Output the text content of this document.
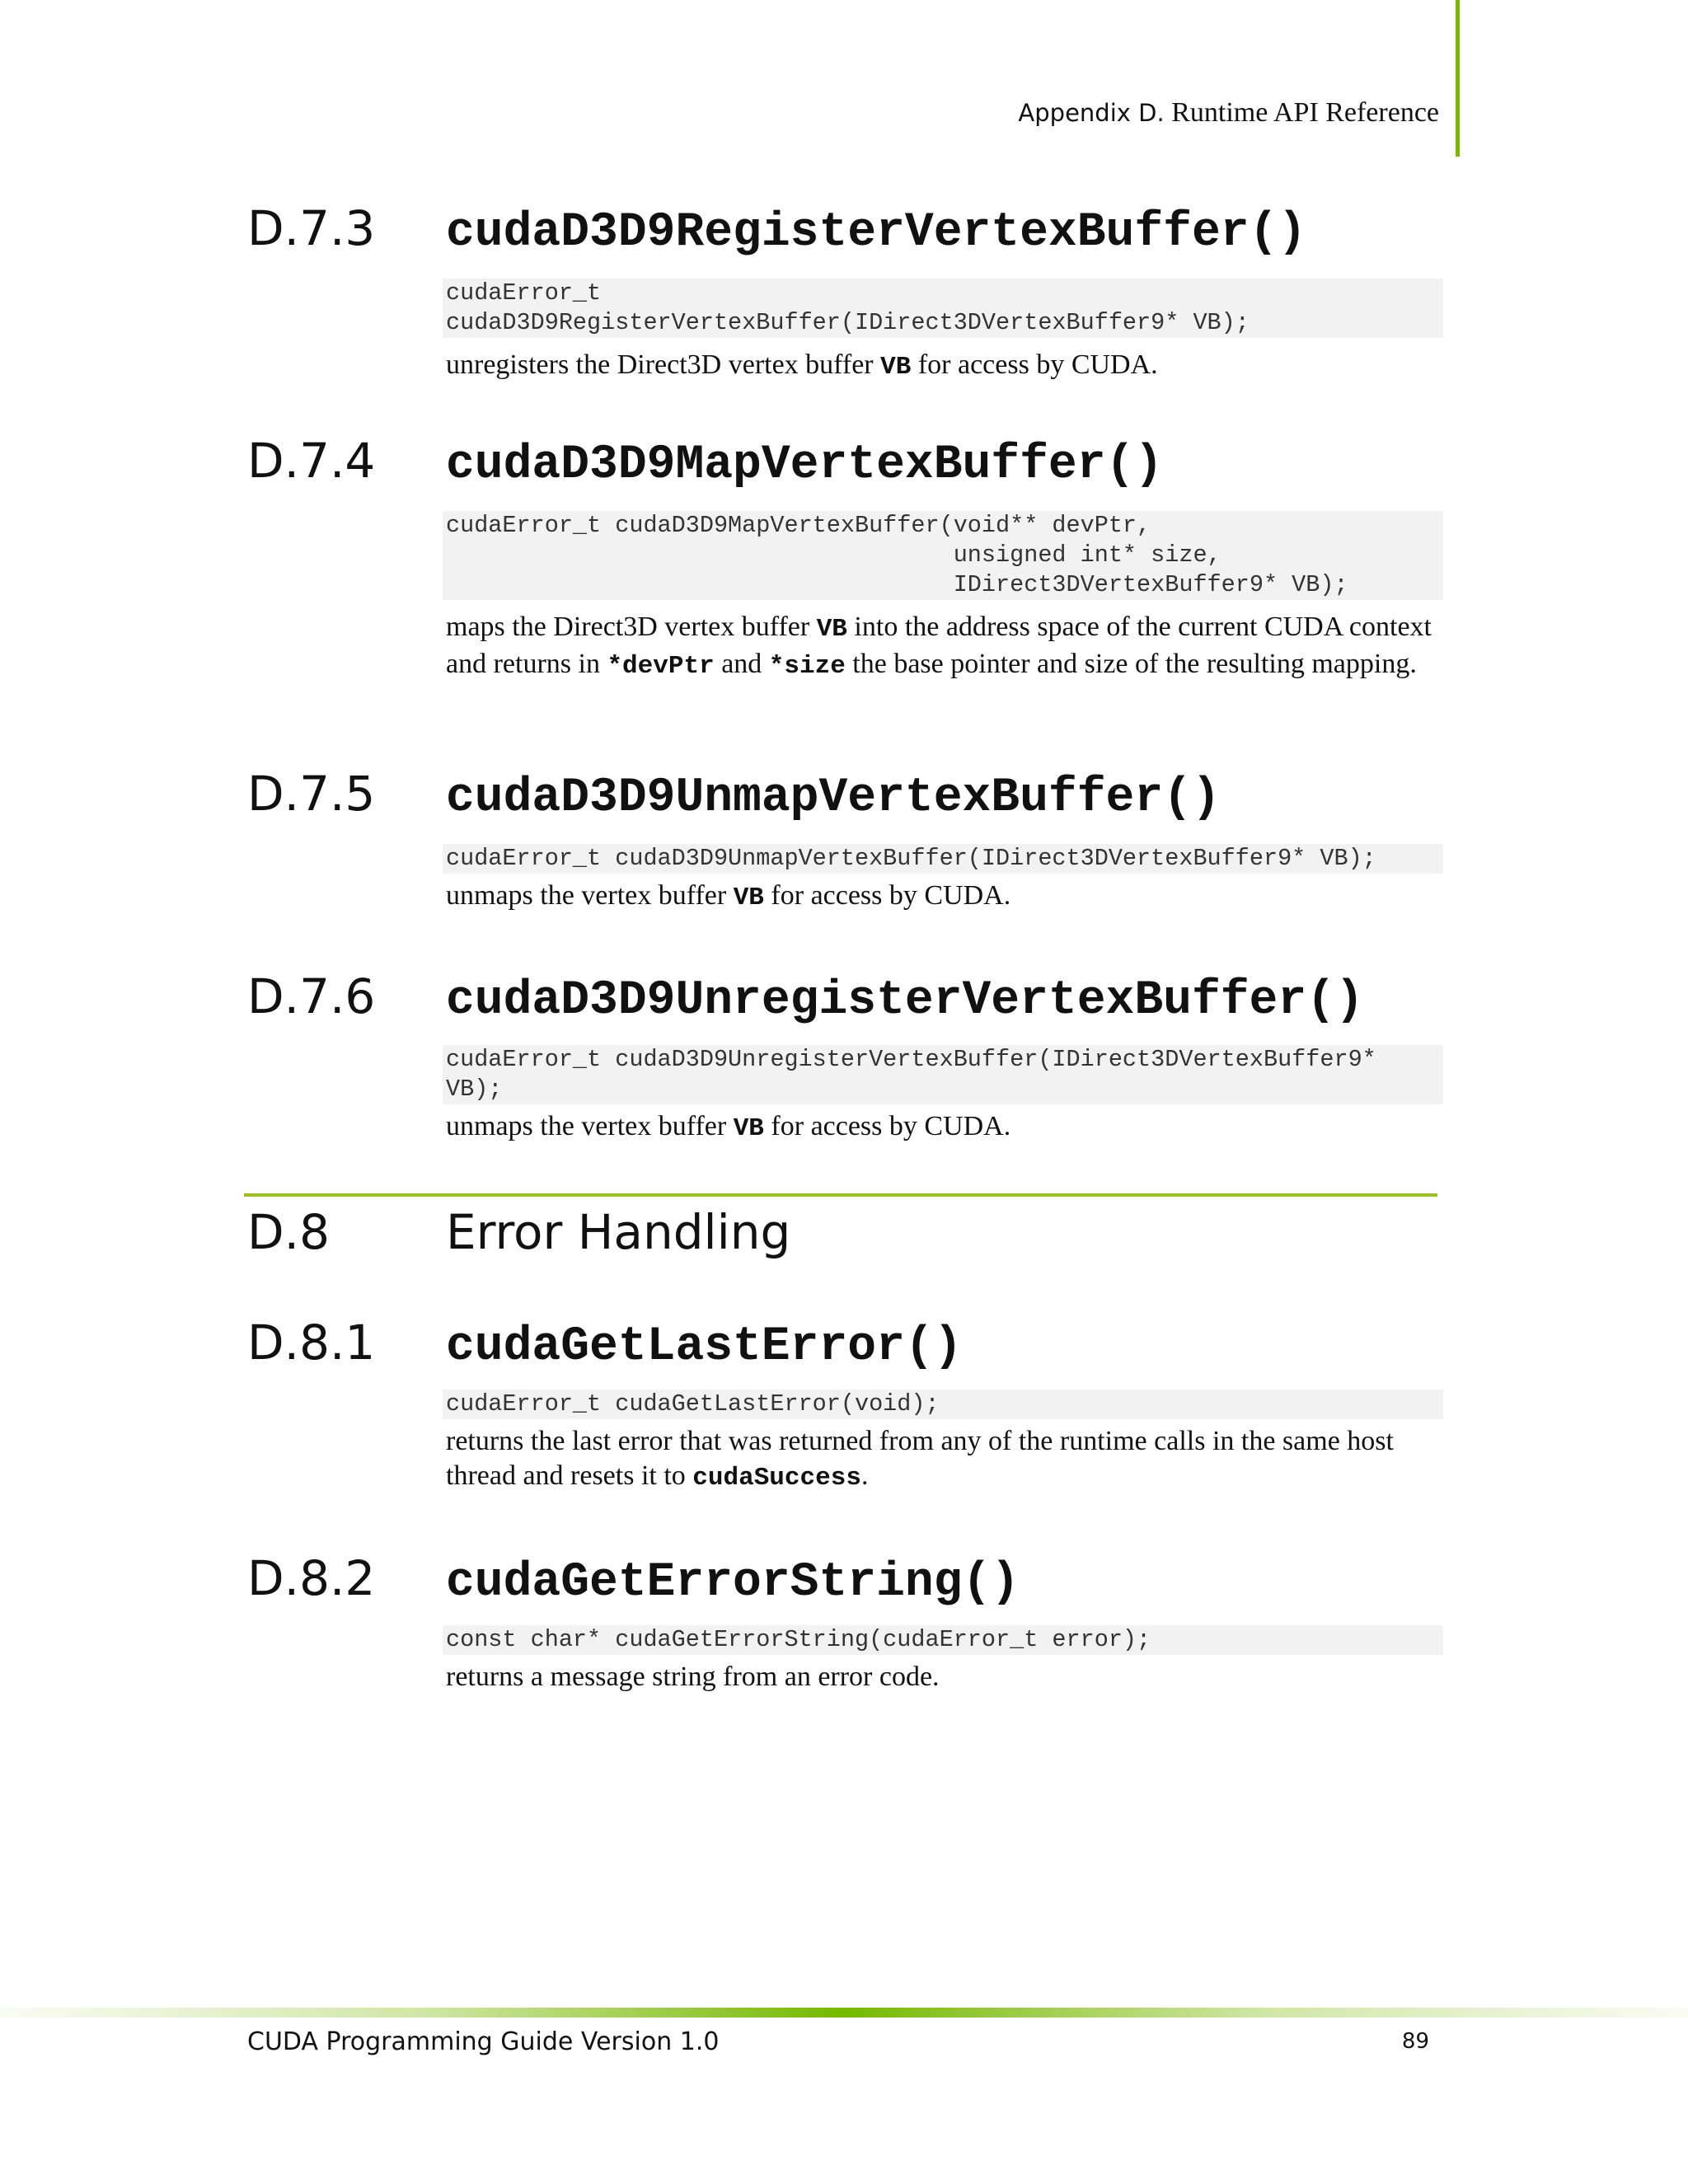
Appendix D. Runtime API Reference
D.7.3 cudaD3D9RegisterVertexBuffer()
cudaError_t
cudaD3D9RegisterVertexBuffer(IDirect3DVertexBuffer9* VB);
unregisters the Direct3D vertex buffer VB for access by CUDA.
D.7.4 cudaD3D9MapVertexBuffer()
cudaError_t cudaD3D9MapVertexBuffer(void** devPtr,
unsigned int* size,
IDirect3DVertexBuffer9* VB);
maps the Direct3D vertex buffer VB into the address space of the current CUDA context and returns in *devPtr and *size the base pointer and size of the resulting mapping.
D.7.5 cudaD3D9UnmapVertexBuffer()
cudaError_t cudaD3D9UnmapVertexBuffer(IDirect3DVertexBuffer9* VB);
unmaps the vertex buffer VB for access by CUDA.
D.7.6 cudaD3D9UnregisterVertexBuffer()
cudaError_t cudaD3D9UnregisterVertexBuffer(IDirect3DVertexBuffer9*
VB);
unmaps the vertex buffer VB for access by CUDA.
D.8 Error Handling
D.8.1 cudaGetLastError()
cudaError_t cudaGetLastError(void);
returns the last error that was returned from any of the runtime calls in the same host thread and resets it to cudaSuccess.
D.8.2 cudaGetErrorString()
const char* cudaGetErrorString(cudaError_t error);
returns a message string from an error code.
CUDA Programming Guide Version 1.0	89
